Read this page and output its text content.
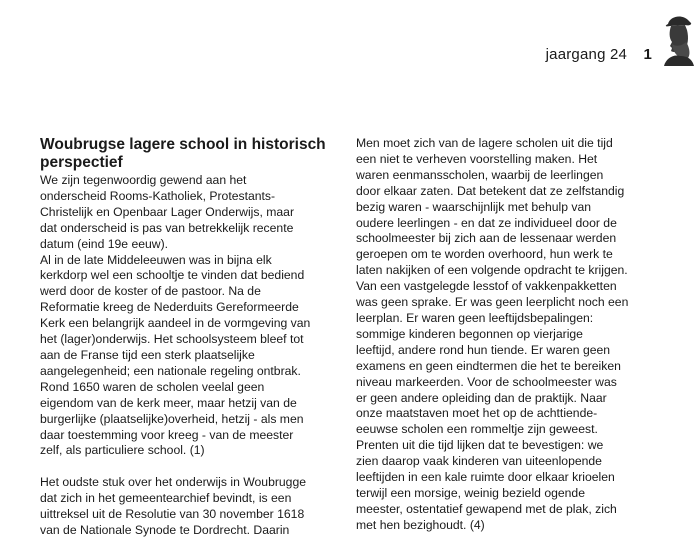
jaargang 24 1
Woubrugse lagere school in historisch
perspectief
We zijn tegenwoordig gewend aan het
onderscheid Rooms-Katholiek, Protestants-
Christelijk en Openbaar Lager Onderwijs, maar
dat onderscheid is pas van betrekkelijk recente
datum (eind 19e eeuw).
Al in de late Middeleeuwen was in bijna elk
kerkdorp wel een schooltje te vinden dat bediend
werd door de koster of de pastoor. Na de
Reformatie kreeg de Nederduits Gereformeerde
Kerk een belangrijk aandeel in de vormgeving van
het (lager)onderwijs. Het schoolsysteem bleef tot
aan de Franse tijd een sterk plaatselijke
aangelegenheid; een nationale regeling ontbrak.
Rond 1650 waren de scholen veelal geen
eigendom van de kerk meer, maar hetzij van de
burgerlijke (plaatselijke)overheid, hetzij - als men
daar toestemming voor kreeg - van de meester
zelf, als particuliere school. (1)
Het oudste stuk over het onderwijs in Woubrugge
dat zich in het gemeentearchief bevindt, is een
uittreksel uit de Resolutie van 30 november 1618
van de Nationale Synode te Dordrecht. Daarin
Men moet zich van de lagere scholen uit die tijd
een niet te verheven voorstelling maken. Het
waren eenmansscholen, waarbij de leerlingen
door elkaar zaten. Dat betekent dat ze zelfstandig
bezig waren - waarschijnlijk met behulp van
oudere leerlingen - en dat ze individueel door de
schoolmeester bij zich aan de lessenaar werden
geroepen om te worden overhoord, hun werk te
laten nakijken of een volgende opdracht te krijgen.
Van een vastgelegde lesstof of vakkenpakketten
was geen sprake. Er was geen leerplicht noch een
leerplan. Er waren geen leeftijdsbepalingen:
sommige kinderen begonnen op vierjarige
leeftijd, andere rond hun tiende. Er waren geen
examens en geen eindtermen die het te bereiken
niveau markeerden. Voor de schoolmeester was
er geen andere opleiding dan de praktijk. Naar
onze maatstaven moet het op de achttiende-
eeuwse scholen een rommeltje zijn geweest.
Prenten uit die tijd lijken dat te bevestigen: we
zien daarop vaak kinderen van uiteenlopende
leeftijden in een kale ruimte door elkaar krioelen
terwijl een morsige, weinig bezield ogende
meester, ostentatief gewapend met de plak, zich
met hen bezighoudt. (4)
